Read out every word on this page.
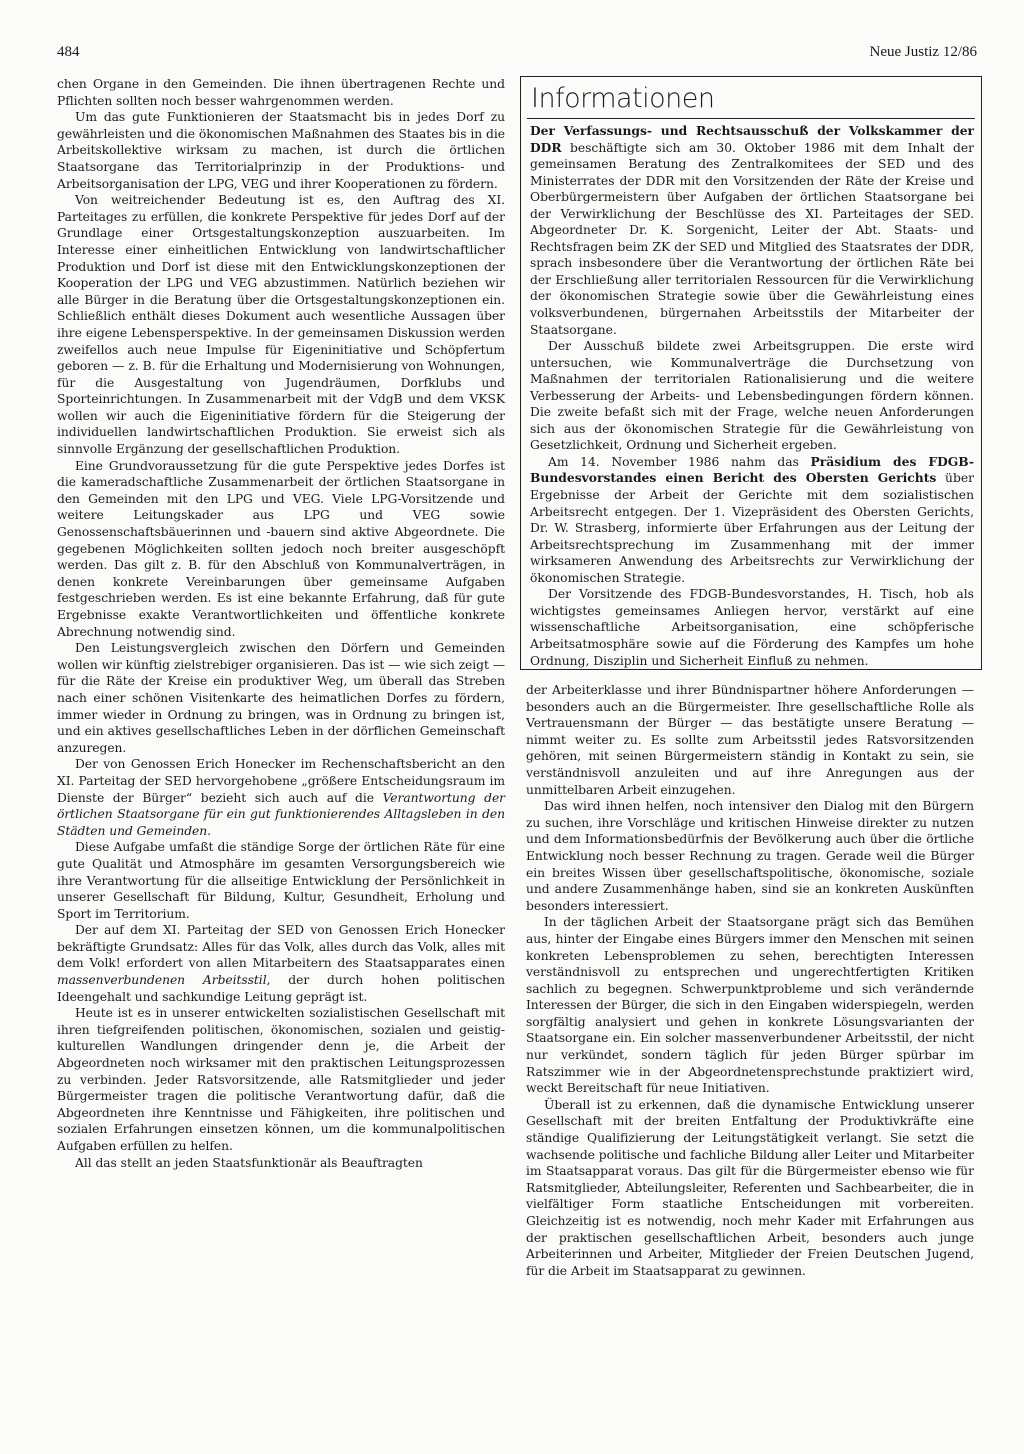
484	Neue Justiz 12/86

chen Organe in den Gemeinden. Die ihnen übertragenen Rechte und Pflichten sollten noch besser wahrgenommen werden.

Um das gute Funktionieren der Staatsmacht bis in jedes Dorf zu gewährleisten und die ökonomischen Maßnahmen des Staates bis in die Arbeitskollektive wirksam zu machen, ist durch die örtlichen Staatsorgane das Territorialprinzip in der Produktions- und Arbeitsorganisation der LPG, VEG und ihrer Kooperationen zu fördern.

Von weitreichender Bedeutung ist es, den Auftrag des XI. Parteitages zu erfüllen, die konkrete Perspektive für jedes Dorf auf der Grundlage einer Ortsgestaltungskonzeption auszuarbeiten. Im Interesse einer einheitlichen Entwicklung von landwirtschaftlicher Produktion und Dorf ist diese mit den Entwicklungskonzeptionen der Kooperation der LPG und VEG abzustimmen. Natürlich beziehen wir alle Bürger in die Beratung über die Ortsgestaltungskonzeptionen ein. Schließlich enthält dieses Dokument auch wesentliche Aussagen über ihre eigene Lebensperspektive. In der gemeinsamen Diskussion werden zweifellos auch neue Impulse für Eigeninitiative und Schöpfertum geboren — z. B. für die Erhaltung und Modernisierung von Wohnungen, für die Ausgestaltung von Jugendräumen, Dorfklubs und Sporteinrichtungen. In Zusammenarbeit mit der VdgB und dem VKSK wollen wir auch die Eigeninitiative fördern für die Steigerung der individuellen landwirtschaftlichen Produktion. Sie erweist sich als sinnvolle Ergänzung der gesellschaftlichen Produktion.

Eine Grundvoraussetzung für die gute Perspektive jedes Dorfes ist die kameradschaftliche Zusammenarbeit der örtlichen Staatsorgane in den Gemeinden mit den LPG und VEG. Viele LPG-Vorsitzende und weitere Leitungskader aus LPG und VEG sowie Genossenschaftsbäuerinnen und -bauern sind aktive Abgeordnete. Die gegebenen Möglichkeiten sollten jedoch noch breiter ausgeschöpft werden. Das gilt z. B. für den Abschluß von Kommunalverträgen, in denen konkrete Vereinbarungen über gemeinsame Aufgaben festgeschrieben werden. Es ist eine bekannte Erfahrung, daß für gute Ergebnisse exakte Verantwortlichkeiten und öffentliche konkrete Abrechnung notwendig sind.

Den Leistungsvergleich zwischen den Dörfern und Gemeinden wollen wir künftig zielstrebiger organisieren. Das ist — wie sich zeigt — für die Räte der Kreise ein produktiver Weg, um überall das Streben nach einer schönen Visitenkarte des heimatlichen Dorfes zu fördern, immer wieder in Ordnung zu bringen, was in Ordnung zu bringen ist, und ein aktives gesellschaftliches Leben in der dörflichen Gemeinschaft anzuregen.

Der von Genossen Erich Honecker im Rechenschaftsbericht an den XI. Parteitag der SED hervorgehobene „größere Entscheidungsraum im Dienste der Bürger“ bezieht sich auch auf die Verantwortung der örtlichen Staatsorgane für ein gut funktionierendes Alltagsleben in den Städten und Gemeinden.

Diese Aufgabe umfaßt die ständige Sorge der örtlichen Räte für eine gute Qualität und Atmosphäre im gesamten Versorgungsbereich wie ihre Verantwortung für die allseitige Entwicklung der Persönlichkeit in unserer Gesellschaft für Bildung, Kultur, Gesundheit, Erholung und Sport im Territorium.

Der auf dem XI. Parteitag der SED von Genossen Erich Honecker bekräftigte Grundsatz: Alles für das Volk, alles durch das Volk, alles mit dem Volk! erfordert von allen Mitarbeitern des Staatsapparates einen massenverbundenen Arbeitsstil, der durch hohen politischen Ideengehalt und sachkundige Leitung geprägt ist.

Heute ist es in unserer entwickelten sozialistischen Gesellschaft mit ihren tiefgreifenden politischen, ökonomischen, sozialen und geistig-kulturellen Wandlungen dringender denn je, die Arbeit der Abgeordneten noch wirksamer mit den praktischen Leitungsprozessen zu verbinden. Jeder Ratsvorsitzende, alle Ratsmitglieder und jeder Bürgermeister tragen die politische Verantwortung dafür, daß die Abgeordneten ihre Kenntnisse und Fähigkeiten, ihre politischen und sozialen Erfahrungen einsetzen können, um die kommunalpolitischen Aufgaben erfüllen zu helfen.

All das stellt an jeden Staatsfunktionär als Beauftragten

Informationen

Der Verfassungs- und Rechtsausschuß der Volkskammer der DDR beschäftigte sich am 30. Oktober 1986 mit dem Inhalt der gemeinsamen Beratung des Zentralkomitees der SED und des Ministerrates der DDR mit den Vorsitzenden der Räte der Kreise und Oberbürgermeistern über Aufgaben der örtlichen Staatsorgane bei der Verwirklichung der Beschlüsse des XI. Parteitages der SED. Abgeordneter Dr. K. Sorgenicht, Leiter der Abt. Staats- und Rechtsfragen beim ZK der SED und Mitglied des Staatsrates der DDR, sprach insbesondere über die Verantwortung der örtlichen Räte bei der Erschließung aller territorialen Ressourcen für die Verwirklichung der ökonomischen Strategie sowie über die Gewährleistung eines volksverbundenen, bürgernahen Arbeitsstils der Mitarbeiter der Staatsorgane.

Der Ausschuß bildete zwei Arbeitsgruppen. Die erste wird untersuchen, wie Kommunalverträge die Durchsetzung von Maßnahmen der territorialen Rationalisierung und die weitere Verbesserung der Arbeits- und Lebensbedingungen fördern können. Die zweite befaßt sich mit der Frage, welche neuen Anforderungen sich aus der ökonomischen Strategie für die Gewährleistung von Gesetzlichkeit, Ordnung und Sicherheit ergeben.

Am 14. November 1986 nahm das Präsidium des FDGB-Bundesvorstandes einen Bericht des Obersten Gerichts über Ergebnisse der Arbeit der Gerichte mit dem sozialistischen Arbeitsrecht entgegen. Der 1. Vizepräsident des Obersten Gerichts, Dr. W. Strasberg, informierte über Erfahrungen aus der Leitung der Arbeitsrechtsprechung im Zusammenhang mit der immer wirksameren Anwendung des Arbeitsrechts zur Verwirklichung der ökonomischen Strategie.

Der Vorsitzende des FDGB-Bundesvorstandes, H. Tisch, hob als wichtigstes gemeinsames Anliegen hervor, verstärkt auf eine wissenschaftliche Arbeitsorganisation, eine schöpferische Arbeitsatmosphäre sowie auf die Förderung des Kampfes um hohe Ordnung, Disziplin und Sicherheit Einfluß zu nehmen.

der Arbeiterklasse und ihrer Bündnispartner höhere Anforderungen — besonders auch an die Bürgermeister. Ihre gesellschaftliche Rolle als Vertrauensmann der Bürger — das bestätigte unsere Beratung — nimmt weiter zu. Es sollte zum Arbeitsstil jedes Ratsvorsitzenden gehören, mit seinen Bürgermeistern ständig in Kontakt zu sein, sie verständnisvoll anzuleiten und auf ihre Anregungen aus der unmittelbaren Arbeit einzugehen.

Das wird ihnen helfen, noch intensiver den Dialog mit den Bürgern zu suchen, ihre Vorschläge und kritischen Hinweise direkter zu nutzen und dem Informationsbedürfnis der Bevölkerung auch über die örtliche Entwicklung noch besser Rechnung zu tragen. Gerade weil die Bürger ein breites Wissen über gesellschaftspolitische, ökonomische, soziale und andere Zusammenhänge haben, sind sie an konkreten Auskünften besonders interessiert.

In der täglichen Arbeit der Staatsorgane prägt sich das Bemühen aus, hinter der Eingabe eines Bürgers immer den Menschen mit seinen konkreten Lebensproblemen zu sehen, berechtigten Interessen verständnisvoll zu entsprechen und ungerechtfertigten Kritiken sachlich zu begegnen. Schwerpunktprobleme und sich verändernde Interessen der Bürger, die sich in den Eingaben widerspiegeln, werden sorgfältig analysiert und gehen in konkrete Lösungsvarianten der Staatsorgane ein. Ein solcher massenverbundener Arbeitsstil, der nicht nur verkündet, sondern täglich für jeden Bürger spürbar im Ratszimmer wie in der Abgeordnetensprechstunde praktiziert wird, weckt Bereitschaft für neue Initiativen.

Überall ist zu erkennen, daß die dynamische Entwicklung unserer Gesellschaft mit der breiten Entfaltung der Produktivkräfte eine ständige Qualifizierung der Leitungstätigkeit verlangt. Sie setzt die wachsende politische und fachliche Bildung aller Leiter und Mitarbeiter im Staatsapparat voraus. Das gilt für die Bürgermeister ebenso wie für Ratsmitglieder, Abteilungsleiter, Referenten und Sachbearbeiter, die in vielfältiger Form staatliche Entscheidungen mit vorbereiten. Gleichzeitig ist es notwendig, noch mehr Kader mit Erfahrungen aus der praktischen gesellschaftlichen Arbeit, besonders auch junge Arbeiterinnen und Arbeiter, Mitglieder der Freien Deutschen Jugend, für die Arbeit im Staatsapparat zu gewinnen.
